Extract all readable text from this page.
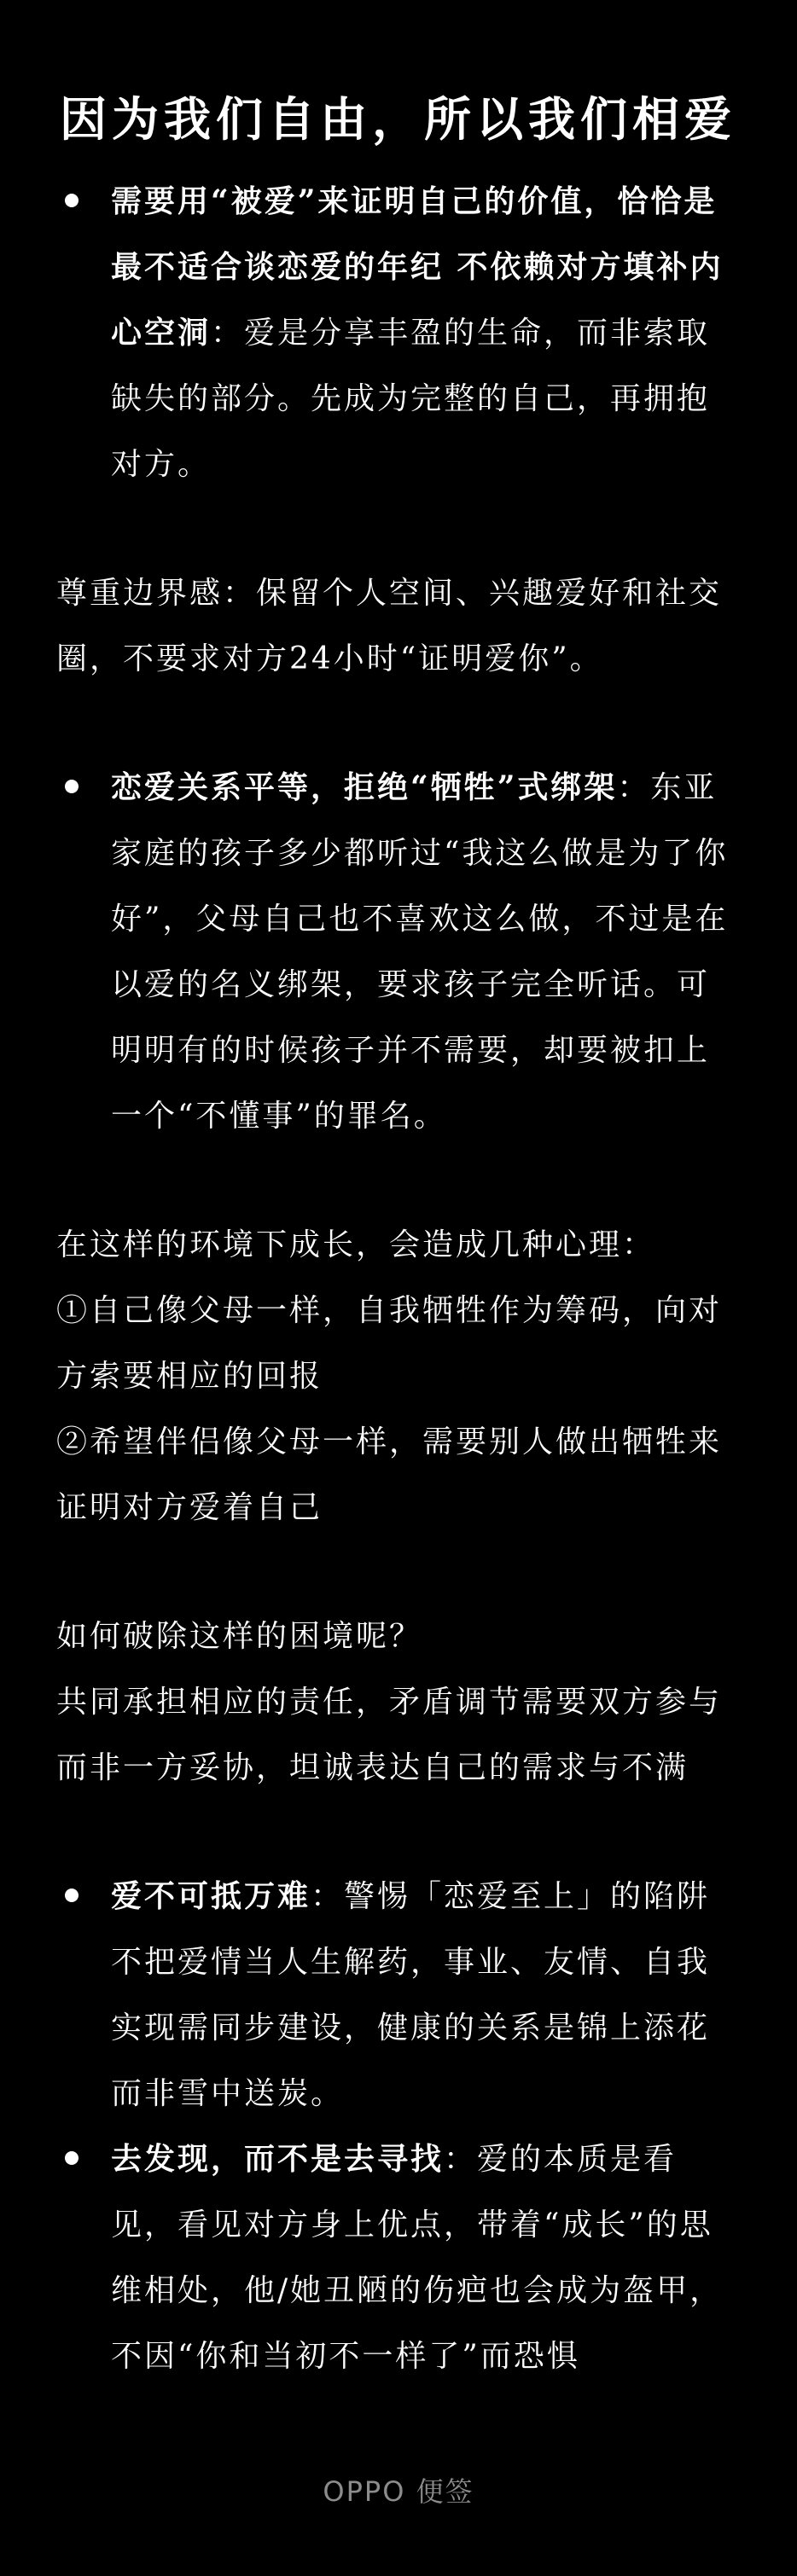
因为我们自由，所以我们相爱
需要用“被爱”来证明自己的价值，恰恰是最不适合谈恋爱的年纪 不依赖对方填补内心空洞：爱是分享丰盈的生命，而非索取缺失的部分。先成为完整的自己，再拥抱对方。

尊重边界感：保留个人空间、兴趣爱好和社交圈，不要求对方24小时“证明爱你”。

恋爱关系平等，拒绝“牺牲”式绑架：东亚家庭的孩子多少都听过“我这么做是为了你好”，父母自己也不喜欢这么做，不过是在以爱的名义绑架，要求孩子完全听话。可明明有的时候孩子并不需要，却要被扣上一个“不懂事”的罪名。

在这样的环境下成长，会造成几种心理：

①自己像父母一样，自我牺牲作为筹码，向对方索要相应的回报

②希望伴侣像父母一样，需要别人做出牺牲来证明对方爱着自己

如何破除这样的困境呢？

共同承担相应的责任，矛盾调节需要双方参与而非一方妥协，坦诚表达自己的需求与不满

爱不可抵万难：警惕「恋爱至上」的陷阱不把爱情当人生解药，事业、友情、自我实现需同步建设，健康的关系是锦上添花而非雪中送炭。
去发现，而不是去寻找：爱的本质是看见，看见对方身上优点，带着“成长”的思维相处，他/她丑陋的伤疤也会成为盔甲，不因“你和当初不一样了”而恐惧
OPPO 便签
